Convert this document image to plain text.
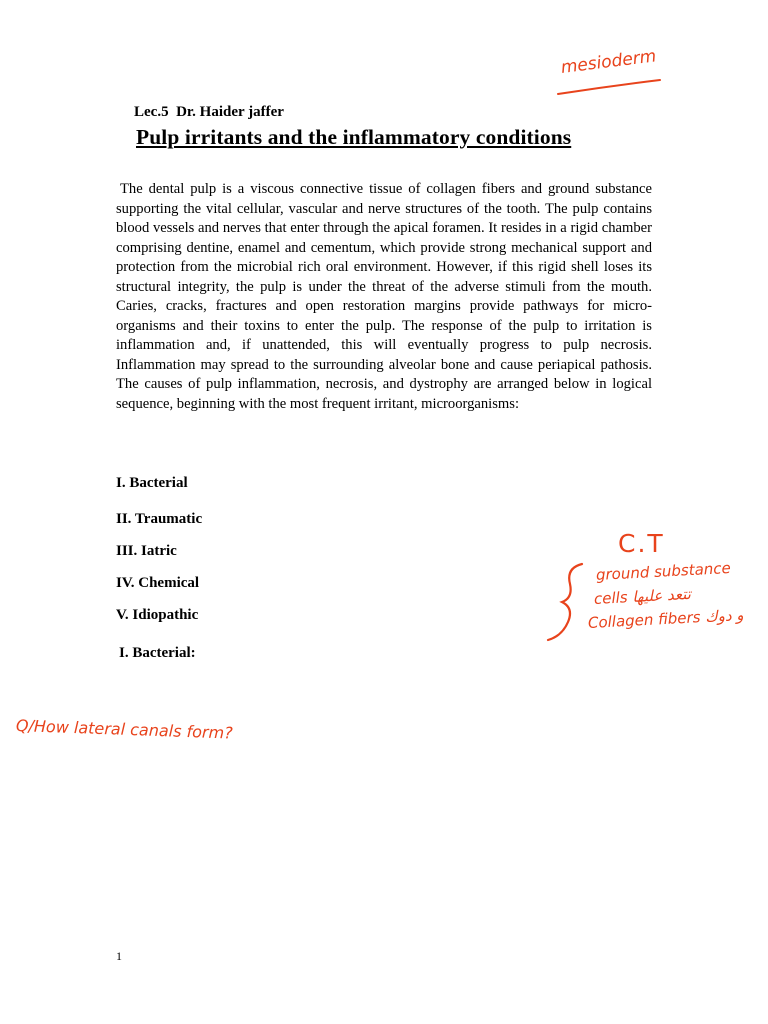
Lec.5  Dr. Haider jaffer
Pulp irritants and the inflammatory conditions

The dental pulp is a viscous connective tissue of collagen fibers and ground substance supporting the vital cellular, vascular and nerve structures of the tooth. The pulp contains blood vessels and nerves that enter through the apical foramen. It resides in a rigid chamber comprising dentine, enamel and cementum, which provide strong mechanical support and protection from the microbial rich oral environment. However, if this rigid shell loses its structural integrity, the pulp is under the threat of the adverse stimuli from the mouth. Caries, cracks, fractures and open restoration margins provide pathways for micro-organisms and their toxins to enter the pulp. The response of the pulp to irritation is inflammation and, if unattended, this will eventually progress to pulp necrosis. Inflammation may spread to the surrounding alveolar bone and cause periapical pathosis. The causes of pulp inflammation, necrosis, and dystrophy are arranged below in logical sequence, beginning with the most frequent irritant, microorganisms:

I. Bacterial
II. Traumatic
III. Iatric
IV. Chemical
V. Idiopathic
I. Bacterial:
1
mesioderm
C.T
ground substance
cells تتعد عليها
Collagen fibers و دوك
Q/How lateral canals form?
